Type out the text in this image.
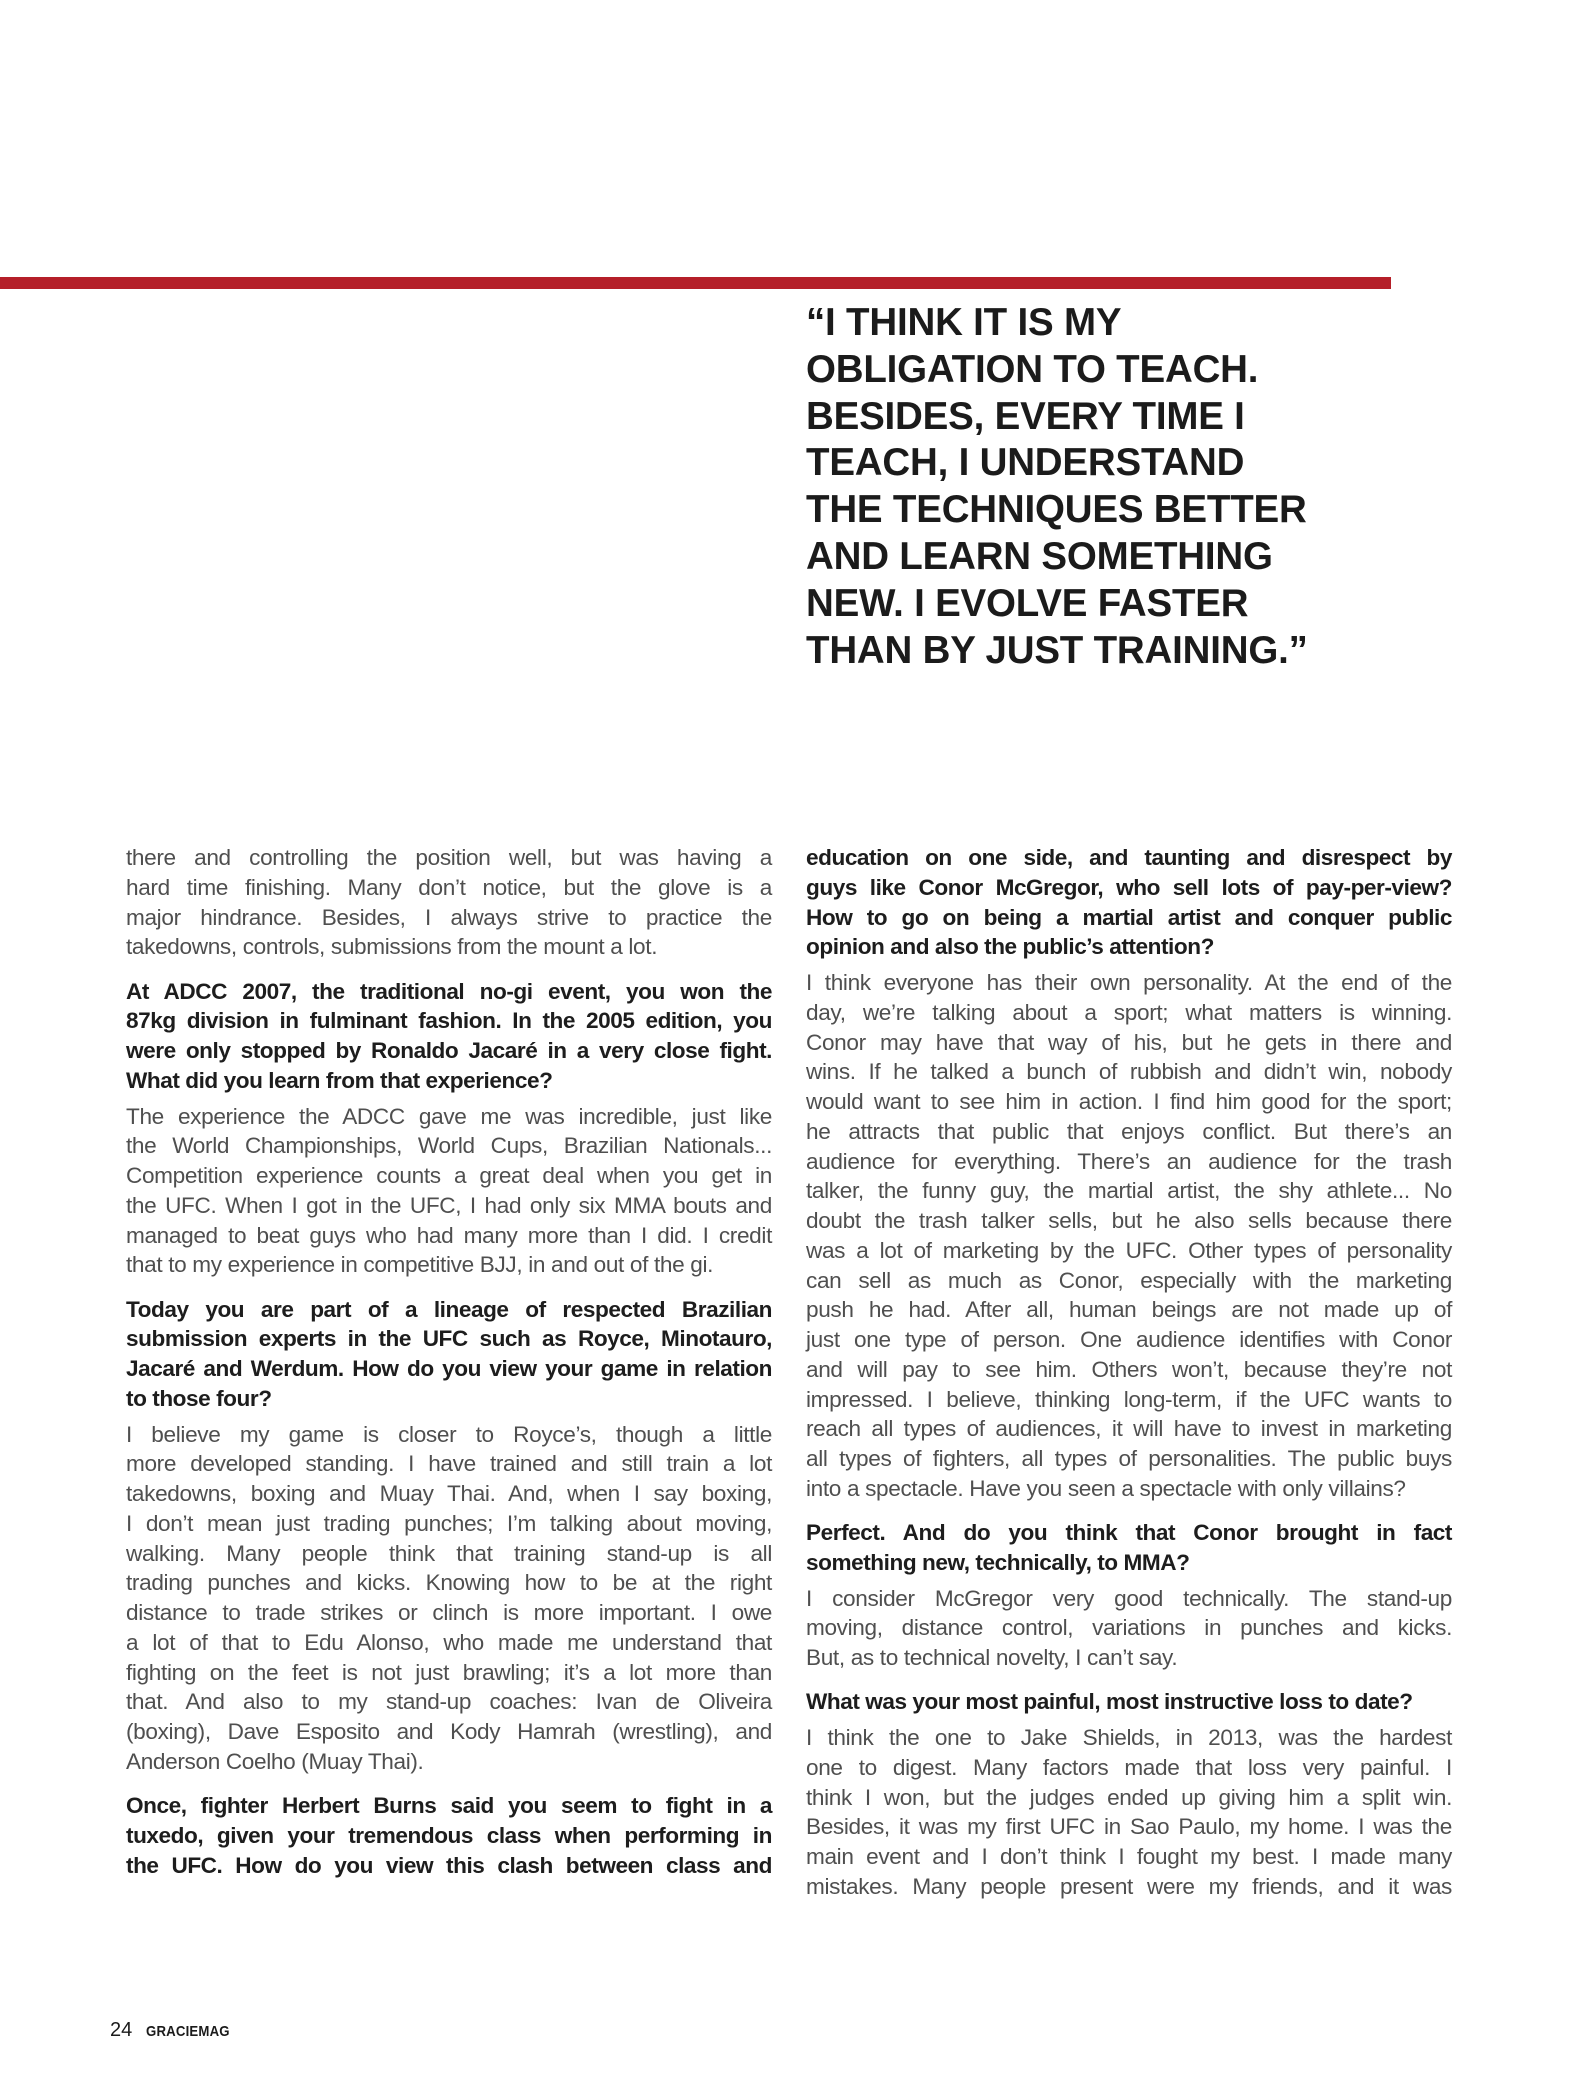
“I THINK IT IS MY
OBLIGATION TO TEACH.
BESIDES, EVERY TIME I
TEACH, I UNDERSTAND
THE TECHNIQUES BETTER
AND LEARN SOMETHING
NEW. I EVOLVE FASTER
THAN BY JUST TRAINING.”

there and controlling the position well, but was having a
hard time finishing. Many don’t notice, but the glove is a
major hindrance. Besides, I always strive to practice the
takedowns, controls, submissions from the mount a lot.

At ADCC 2007, the traditional no-gi event, you won the
87kg division in fulminant fashion. In the 2005 edition, you
were only stopped by Ronaldo Jacaré in a very close fight.
What did you learn from that experience?

The experience the ADCC gave me was incredible, just like
the World Championships, World Cups, Brazilian Nationals...
Competition experience counts a great deal when you get in
the UFC. When I got in the UFC, I had only six MMA bouts and
managed to beat guys who had many more than I did. I credit
that to my experience in competitive BJJ, in and out of the gi.

Today you are part of a lineage of respected Brazilian
submission experts in the UFC such as Royce, Minotauro,
Jacaré and Werdum. How do you view your game in relation
to those four?

I believe my game is closer to Royce’s, though a little
more developed standing. I have trained and still train a lot
takedowns, boxing and Muay Thai. And, when I say boxing,
I don’t mean just trading punches; I’m talking about moving,
walking. Many people think that training stand-up is all
trading punches and kicks. Knowing how to be at the right
distance to trade strikes or clinch is more important. I owe
a lot of that to Edu Alonso, who made me understand that
fighting on the feet is not just brawling; it’s a lot more than
that. And also to my stand-up coaches: Ivan de Oliveira
(boxing), Dave Esposito and Kody Hamrah (wrestling), and
Anderson Coelho (Muay Thai).

Once, fighter Herbert Burns said you seem to fight in a
tuxedo, given your tremendous class when performing in
the UFC. How do you view this clash between class and

education on one side, and taunting and disrespect by
guys like Conor McGregor, who sell lots of pay-per-view?
How to go on being a martial artist and conquer public
opinion and also the public’s attention?

I think everyone has their own personality. At the end of the
day, we’re talking about a sport; what matters is winning.
Conor may have that way of his, but he gets in there and
wins. If he talked a bunch of rubbish and didn’t win, nobody
would want to see him in action. I find him good for the sport;
he attracts that public that enjoys conflict. But there’s an
audience for everything. There’s an audience for the trash
talker, the funny guy, the martial artist, the shy athlete... No
doubt the trash talker sells, but he also sells because there
was a lot of marketing by the UFC. Other types of personality
can sell as much as Conor, especially with the marketing
push he had. After all, human beings are not made up of
just one type of person. One audience identifies with Conor
and will pay to see him. Others won’t, because they’re not
impressed. I believe, thinking long-term, if the UFC wants to
reach all types of audiences, it will have to invest in marketing
all types of fighters, all types of personalities. The public buys
into a spectacle. Have you seen a spectacle with only villains?

Perfect. And do you think that Conor brought in fact
something new, technically, to MMA?

I consider McGregor very good technically. The stand-up
moving, distance control, variations in punches and kicks.
But, as to technical novelty, I can’t say.

What was your most painful, most instructive loss to date?

I think the one to Jake Shields, in 2013, was the hardest
one to digest. Many factors made that loss very painful. I
think I won, but the judges ended up giving him a split win.
Besides, it was my first UFC in Sao Paulo, my home. I was the
main event and I don’t think I fought my best. I made many
mistakes. Many people present were my friends, and it was

24 GRACIEMAG
